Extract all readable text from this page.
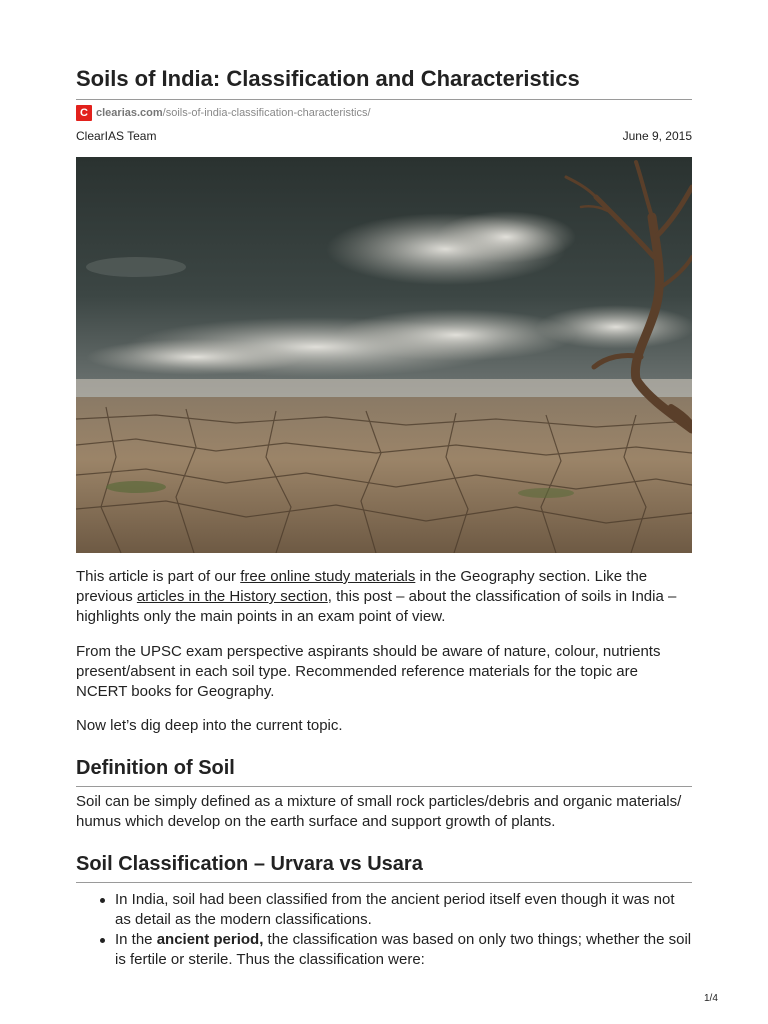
Soils of India: Classification and Characteristics
C clearias.com /soils-of-india-classification-characteristics/
ClearIAS Team	June 9, 2015

This article is part of our free online study materials in the Geography section. Like the previous articles in the History section, this post – about the classification of soils in India – highlights only the main points in an exam point of view.

From the UPSC exam perspective aspirants should be aware of nature, colour, nutrients present/absent in each soil type. Recommended reference materials for the topic are NCERT books for Geography.

Now let’s dig deep into the current topic.

Definition of Soil

Soil can be simply defined as a mixture of small rock particles/debris and organic materials/ humus which develop on the earth surface and support growth of plants.

Soil Classification – Urvara vs Usara
In India, soil had been classified from the ancient period itself even though it was not as detail as the modern classifications.
In the ancient period, the classification was based on only two things; whether the soil is fertile or sterile. Thus the classification were:
1/4
